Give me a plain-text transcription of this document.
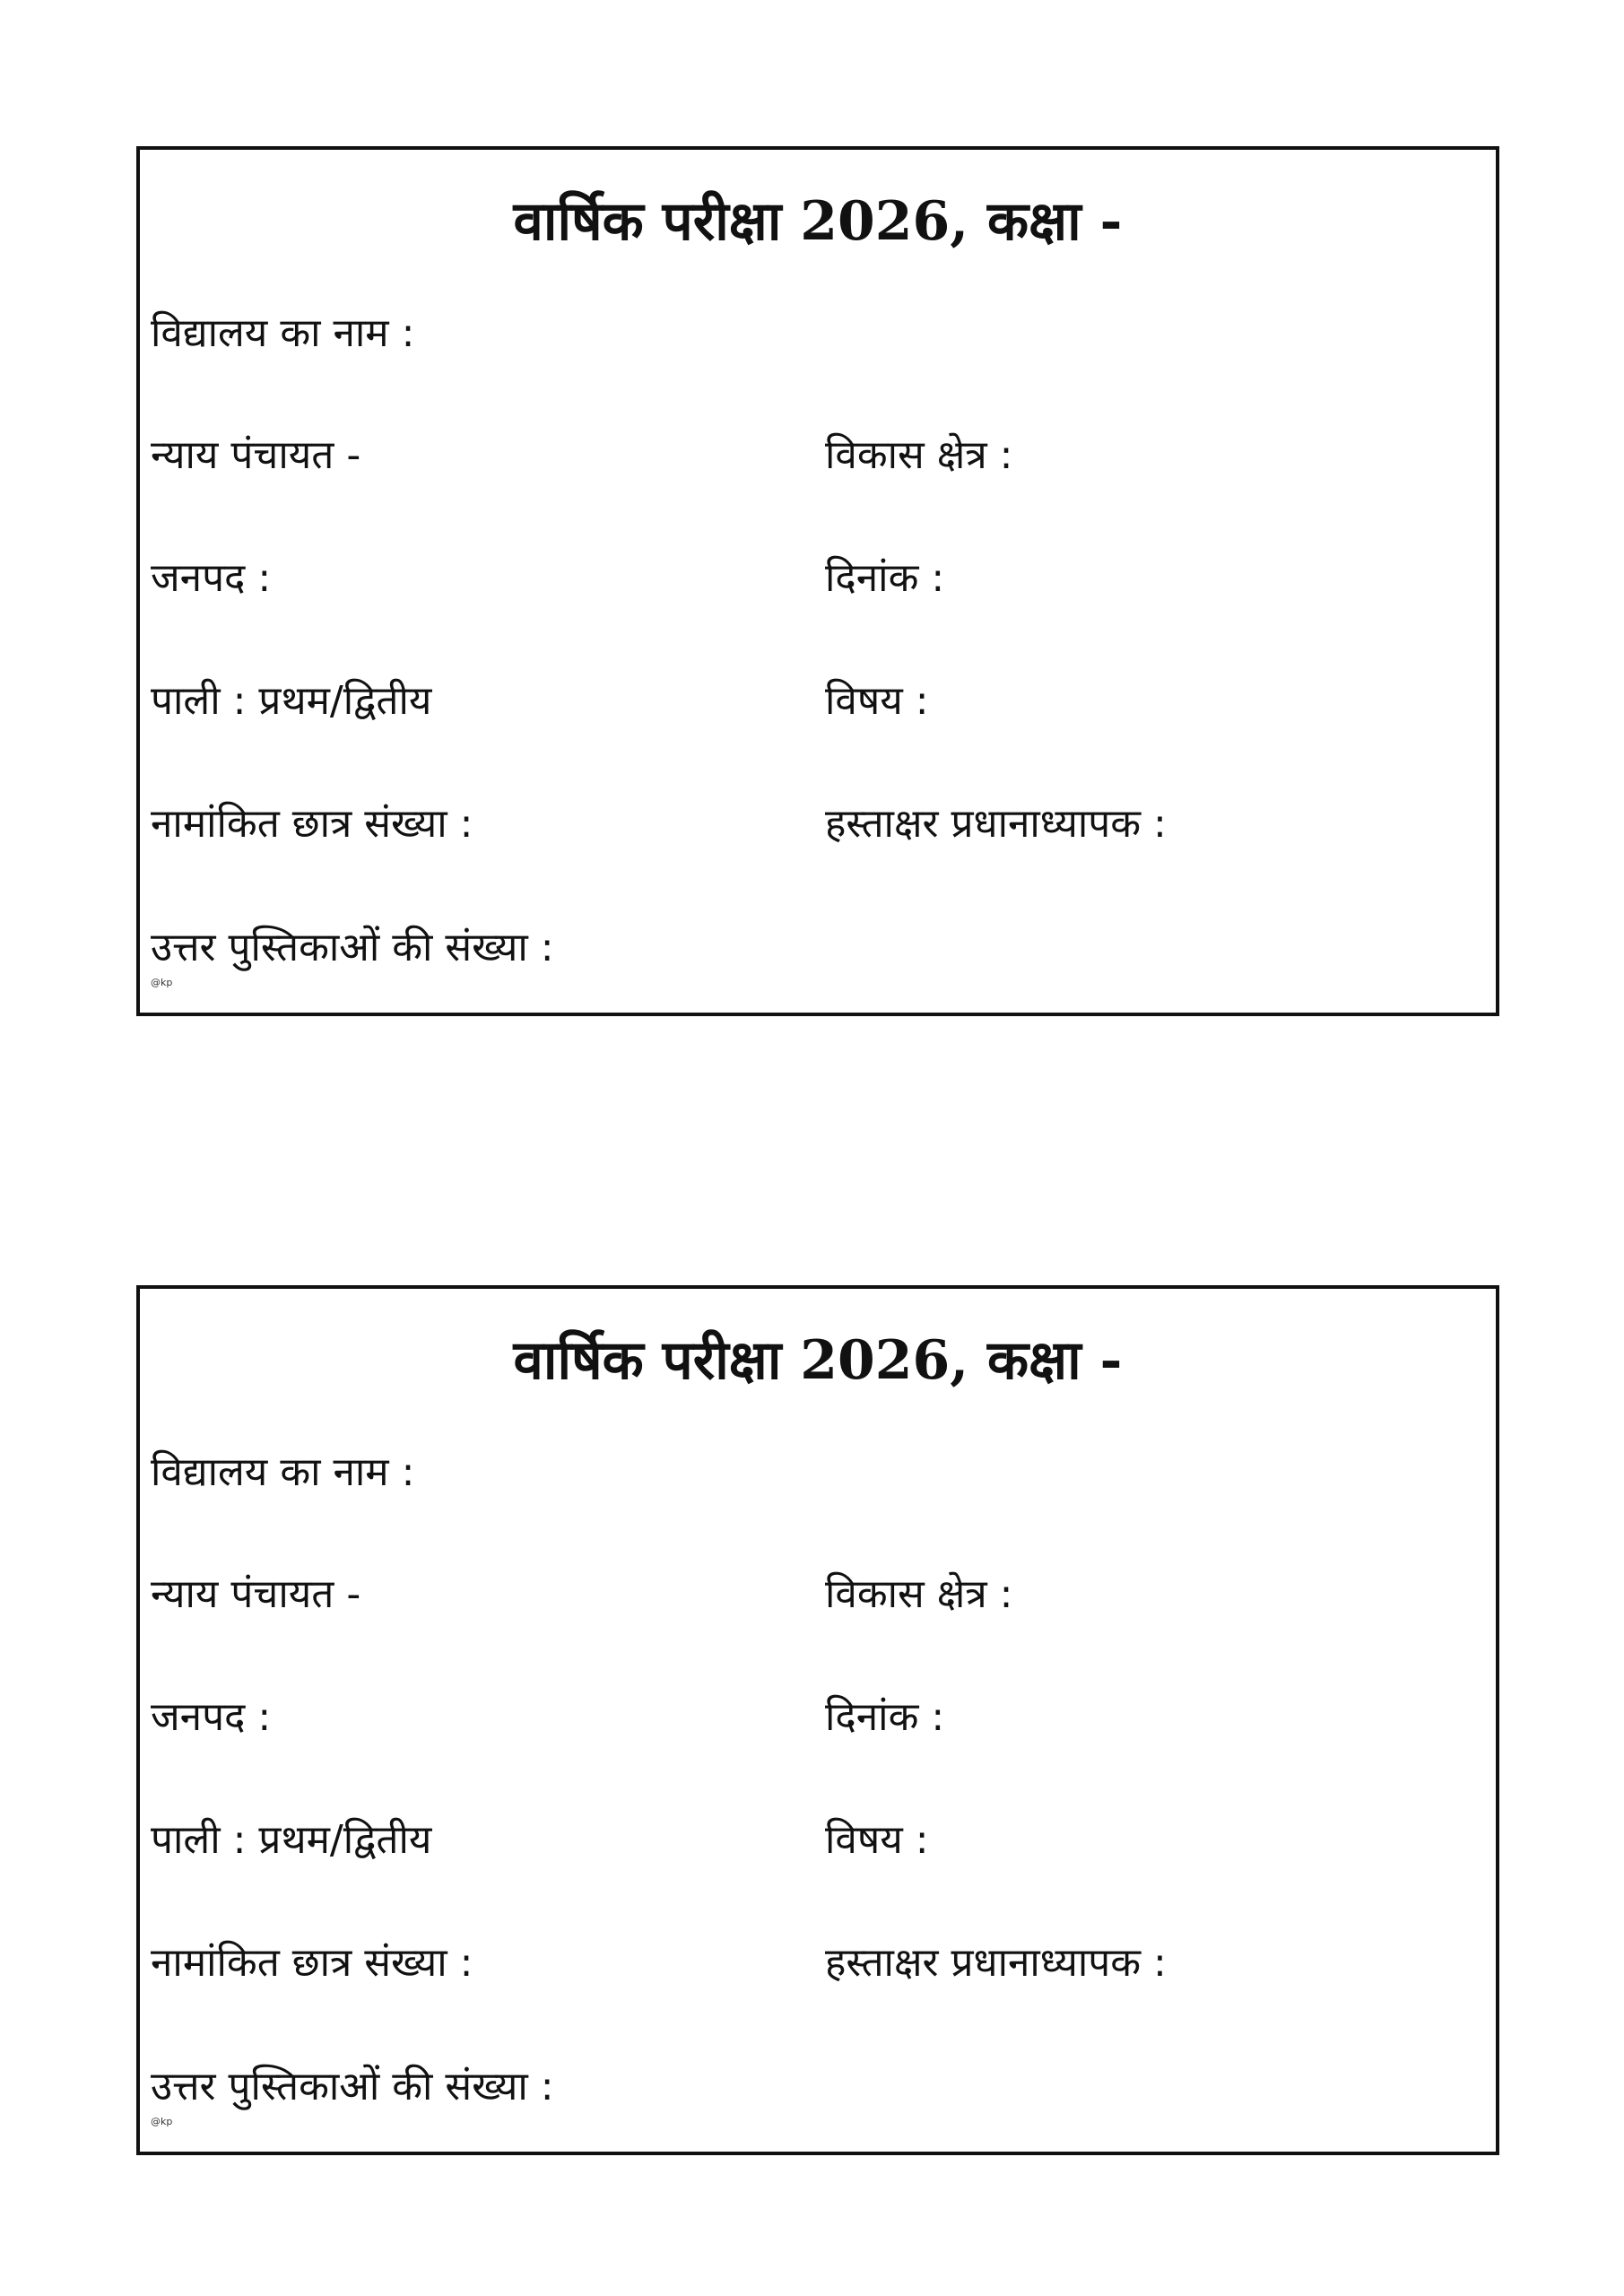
वार्षिक परीक्षा 2026, कक्षा -
विद्यालय का नाम :
न्याय पंचायत -	विकास क्षेत्र :
जनपद :	दिनांक :
पाली : प्रथम/द्वितीय	विषय :
नामांकित छात्र संख्या :	हस्ताक्षर प्रधानाध्यापक :
उत्तर पुस्तिकाओं की संख्या :
@kp
वार्षिक परीक्षा 2026, कक्षा -
विद्यालय का नाम :
न्याय पंचायत -	विकास क्षेत्र :
जनपद :	दिनांक :
पाली : प्रथम/द्वितीय	विषय :
नामांकित छात्र संख्या :	हस्ताक्षर प्रधानाध्यापक :
उत्तर पुस्तिकाओं की संख्या :
@kp
